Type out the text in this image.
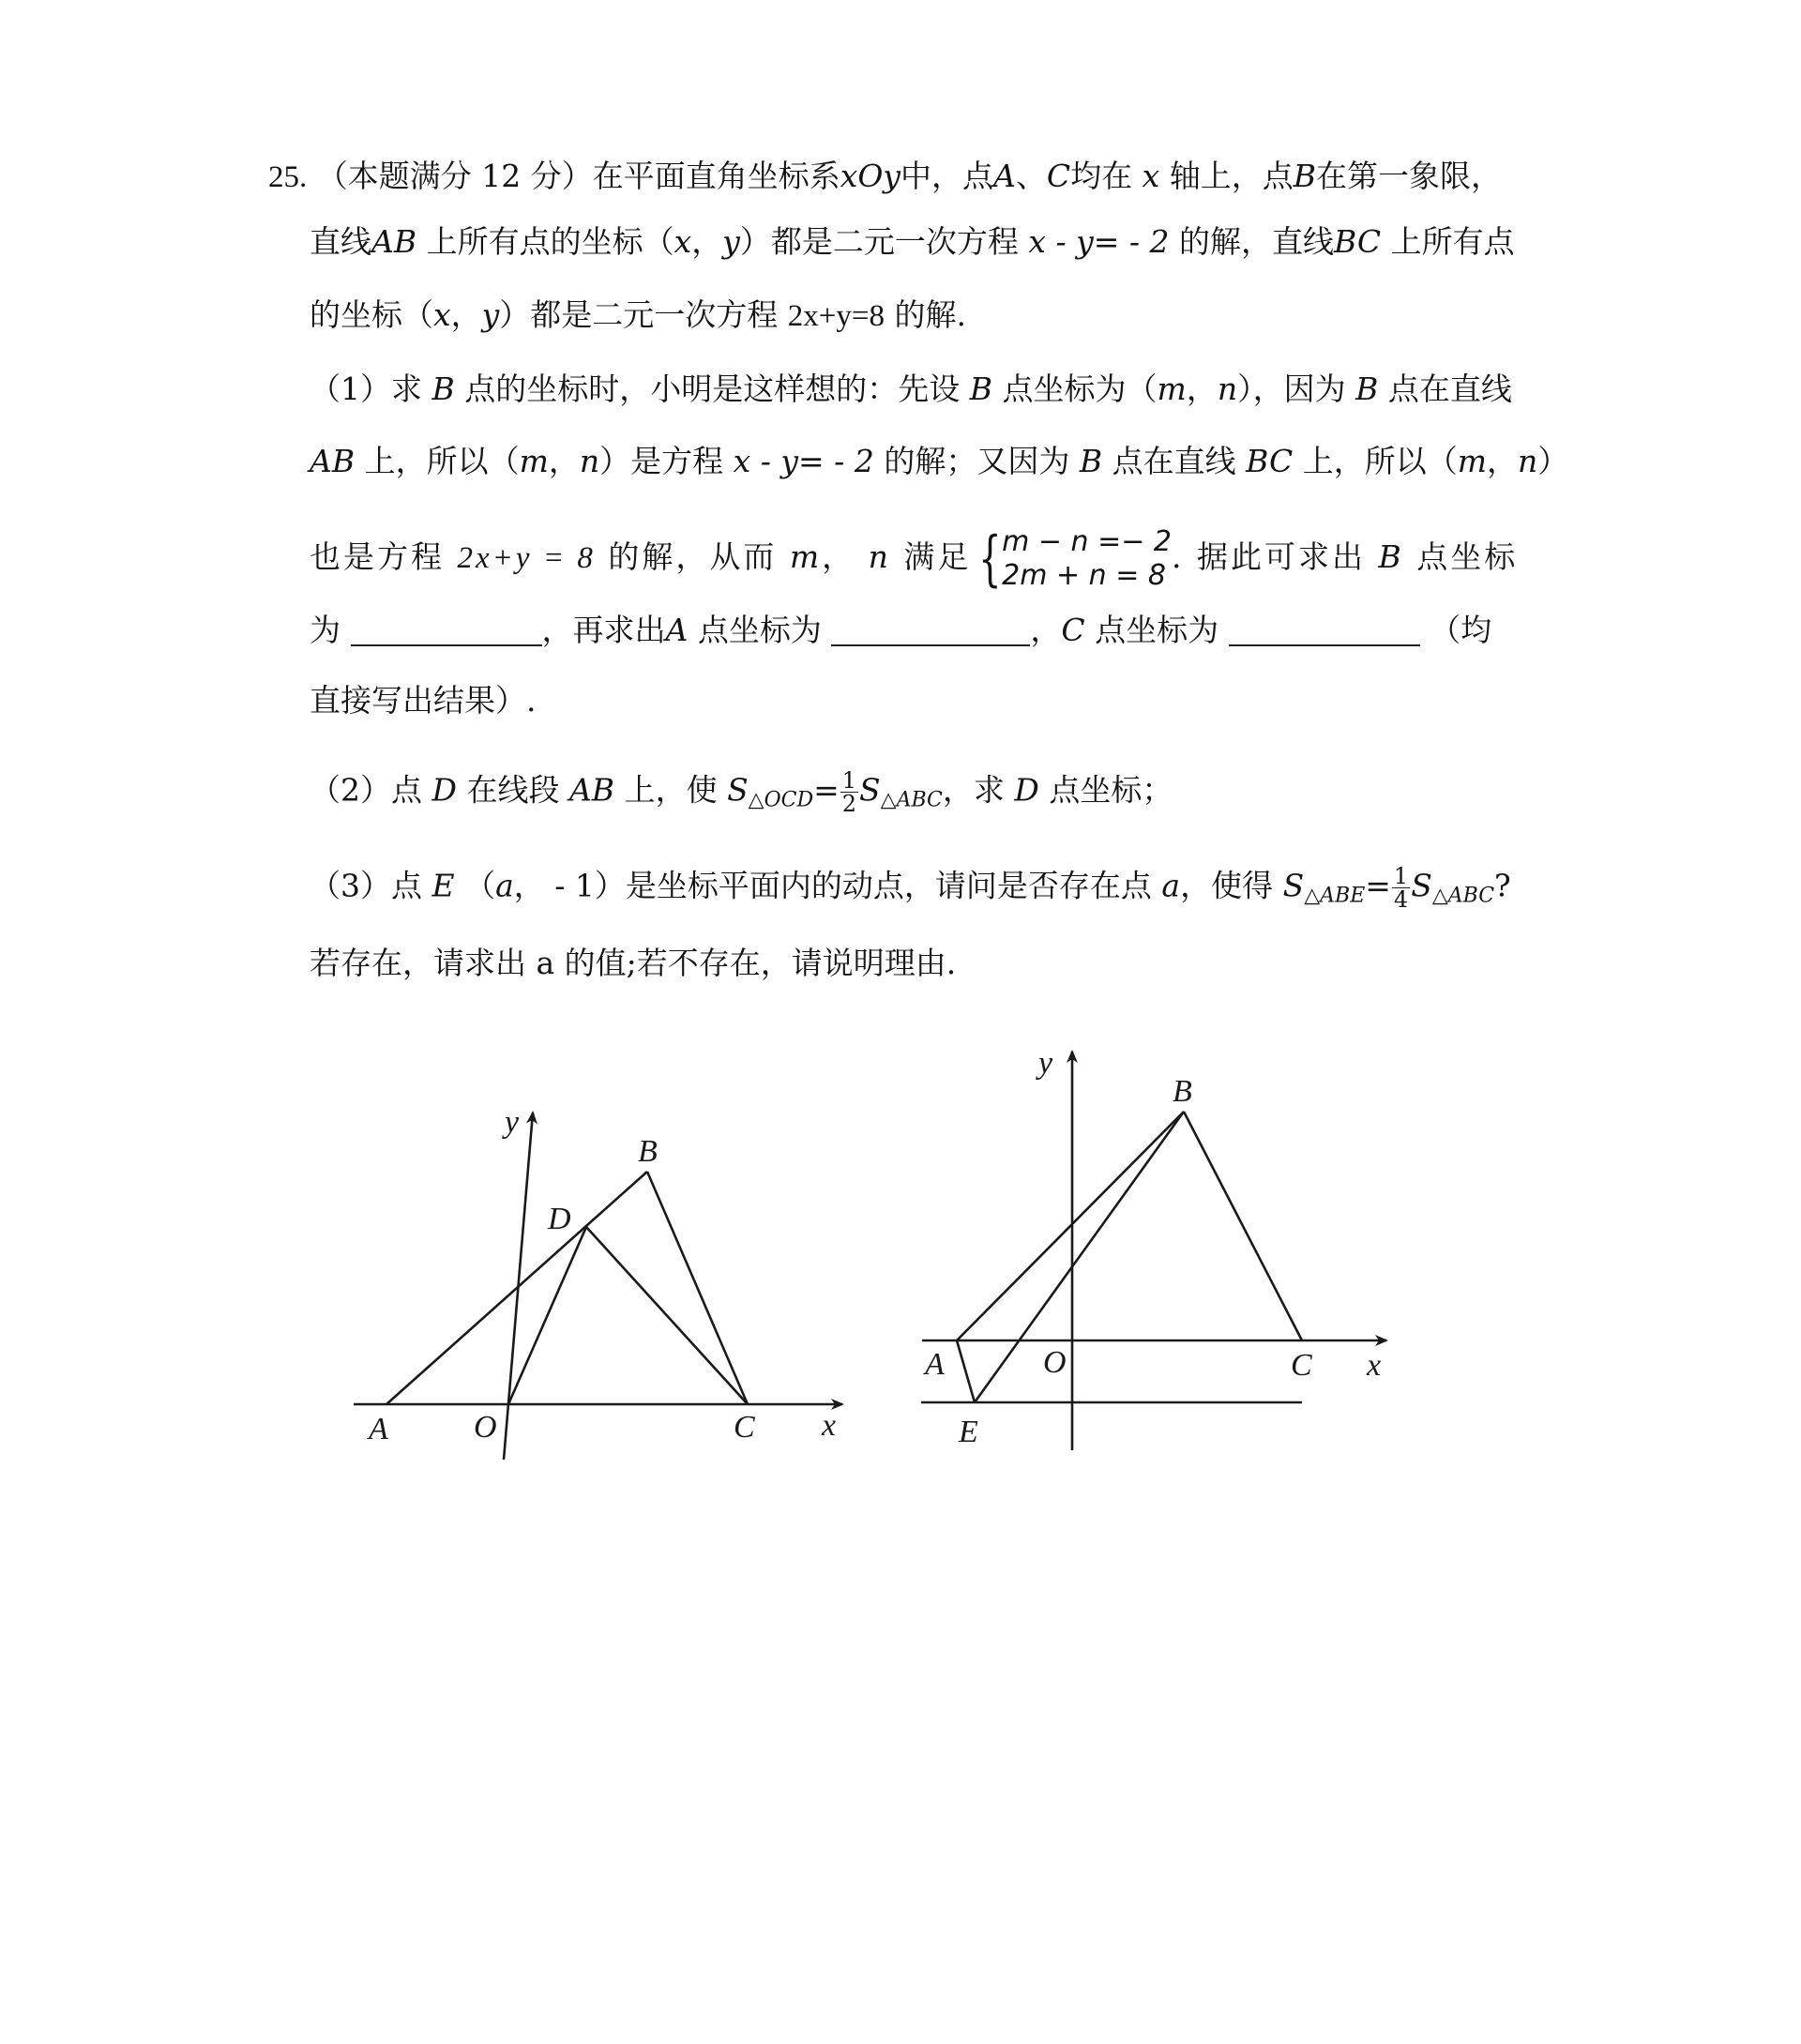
25. （本题满分 12 分）在平面直角坐标系xOy中，点A、C均在 x 轴上，点B在第一象限，
直线AB 上所有点的坐标（x，y）都是二元一次方程 x - y= - 2 的解，直线BC 上所有点
的坐标（x，y）都是二元一次方程 2x+y=8 的解.
（1）求 B 点的坐标时，小明是这样想的：先设 B 点坐标为（m，n），因为 B 点在直线
AB 上，所以（m，n）是方程 x - y= - 2 的解；又因为 B 点在直线 BC 上，所以（m，n）
也是方程 2x+y = 8 的解，从而 m， n 满足 { m − n =− 2
2m + n = 8
. 据此可求出 B 点坐标
为	，再求出A 点坐标为	，C 点坐标为	（均
直接写出结果）.
（2）点 D 在线段 AB 上，使 $S_{\triangle OCD}= \frac{1}{2} S_{\triangle ABC}$，求 D 点坐标；
（3）点 E （a， - 1）是坐标平面内的动点，请问是否存在点 a，使得 $S_{\triangle ABE}= \frac{1}{4} S_{\triangle ABC}$?
若存在，请求出 a 的值;若不存在，请说明理由.
y
B
D
A	O	C x
y
B
A	O	C x
E
